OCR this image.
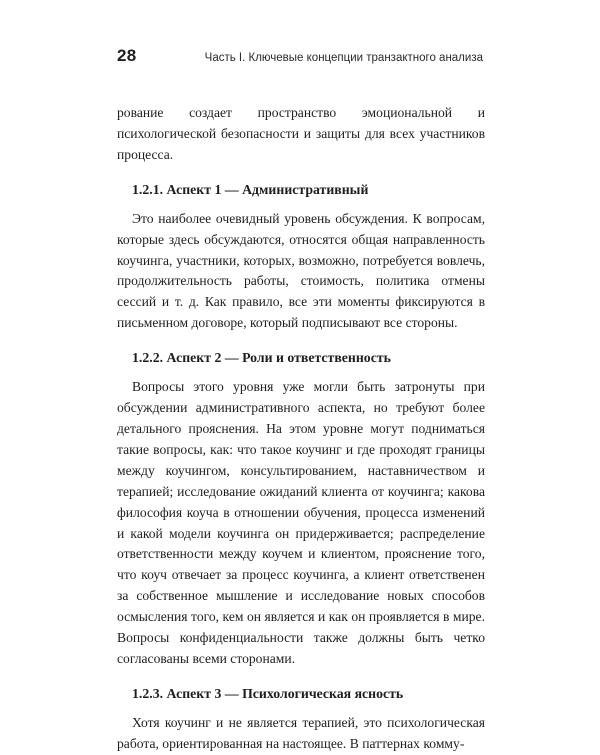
28	Часть I. Ключевые концепции транзактного анализа

рование создает пространство эмоциональной и психологической безопасности и защиты для всех участников процесса.

1.2.1. Аспект 1 — Административный

Это наиболее очевидный уровень обсуждения. К вопросам, которые здесь обсуждаются, относятся общая направленность коучинга, участники, которых, возможно, потребуется вовлечь, продолжительность работы, стоимость, политика отмены сессий и т. д. Как правило, все эти моменты фиксируются в письменном договоре, который подписывают все стороны.

1.2.2. Аспект 2 — Роли и ответственность

Вопросы этого уровня уже могли быть затронуты при обсуждении административного аспекта, но требуют более детального прояснения. На этом уровне могут подниматься такие вопросы, как: что такое коучинг и где проходят границы между коучингом, консультированием, наставничеством и терапией; исследование ожиданий клиента от коучинга; какова философия коуча в отношении обучения, процесса изменений и какой модели коучинга он придерживается; распределение ответственности между коучем и клиентом, прояснение того, что коуч отвечает за процесс коучинга, а клиент ответственен за собственное мышление и исследование новых способов осмысления того, кем он является и как он проявляется в мире. Вопросы конфиденциальности также должны быть четко согласованы всеми сторонами.

1.2.3. Аспект 3 — Психологическая ясность

Хотя коучинг и не является терапией, это психологическая работа, ориентированная на настоящее. В паттернах комму-
